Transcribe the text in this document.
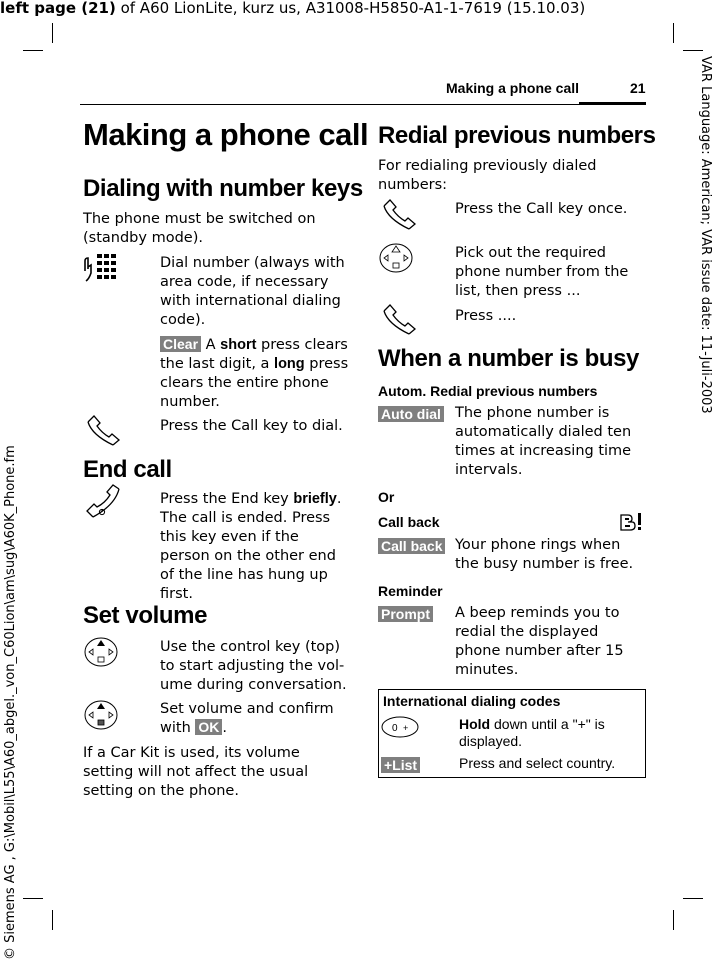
left page (21) of A60 LionLite, kurz us, A31008-H5850-A1-1-7619 (15.10.03)
VAR Language: American; VAR issue date: 11-Juli-2003
© Siemens AG , G:\Mobil\L55\A60_abgel._von_C60Lion\am\sug\A60K_Phone.fm
Making a phone call	21
Making a phone call
Dialing with number keys
The phone must be switched on (standby mode).
Dial number (always with area code, if necessary with international dialing code).
Clear A short press clears the last digit, a long press clears the entire phone number.
Press the Call key to dial.
End call
Press the End key briefly. The call is ended. Press this key even if the person on the other end of the line has hung up first.
Set volume
Use the control key (top) to start adjusting the vol-ume during conversation.
Set volume and confirm with OK .
If a Car Kit is used, its volume setting will not affect the usual setting on the phone.
Redial previous numbers
For redialing previously dialed numbers:
Press the Call key once.
Pick out the required phone number from the list, then press ...
Press ....
When a number is busy
Autom. Redial previous numbers
Auto dial The phone number is automatically dialed ten times at increasing time intervals.
Or
Call back
Call back Your phone rings when the busy number is free.
Reminder
Prompt A beep reminds you to redial the displayed phone number after 15 minutes.
International dialing codes
0 +	Hold down until a "+" is displayed.
+List	Press and select country.
